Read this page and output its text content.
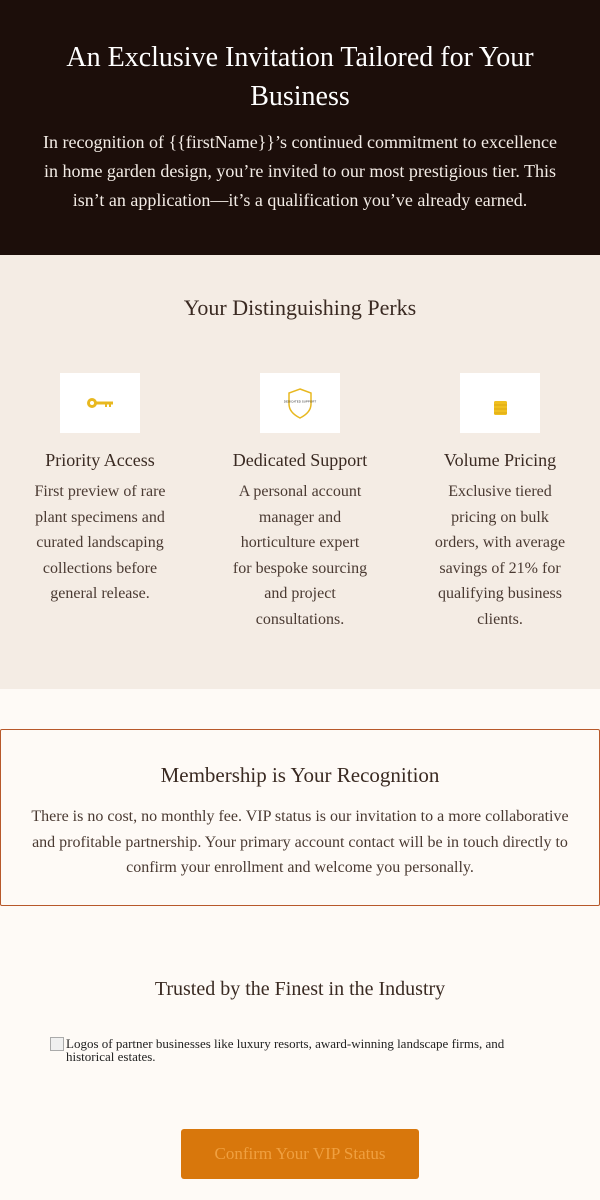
An Exclusive Invitation Tailored for Your Business

In recognition of {{firstName}}’s continued commitment to excellence in home garden design, you’re invited to our most prestigious tier. This isn’t an application—it’s a qualification you’ve already earned.

Your Distinguishing Perks
Priority Access

First preview of rare plant specimens and curated landscaping collections before general release.

DEDICATED SUPPORT
Dedicated Support

A personal account manager and horticulture expert for bespoke sourcing and project consultations.

Volume Pricing

Exclusive tiered pricing on bulk orders, with average savings of 21% for qualifying business clients.

Membership is Your Recognition

There is no cost, no monthly fee. VIP status is our invitation to a more collaborative and profitable partnership. Your primary account contact will be in touch directly to confirm your enrollment and welcome you personally.

Trusted by the Finest in the Industry
Logos of partner businesses like luxury resorts, award-winning landscape firms, and historical estates.
Confirm Your VIP Status
